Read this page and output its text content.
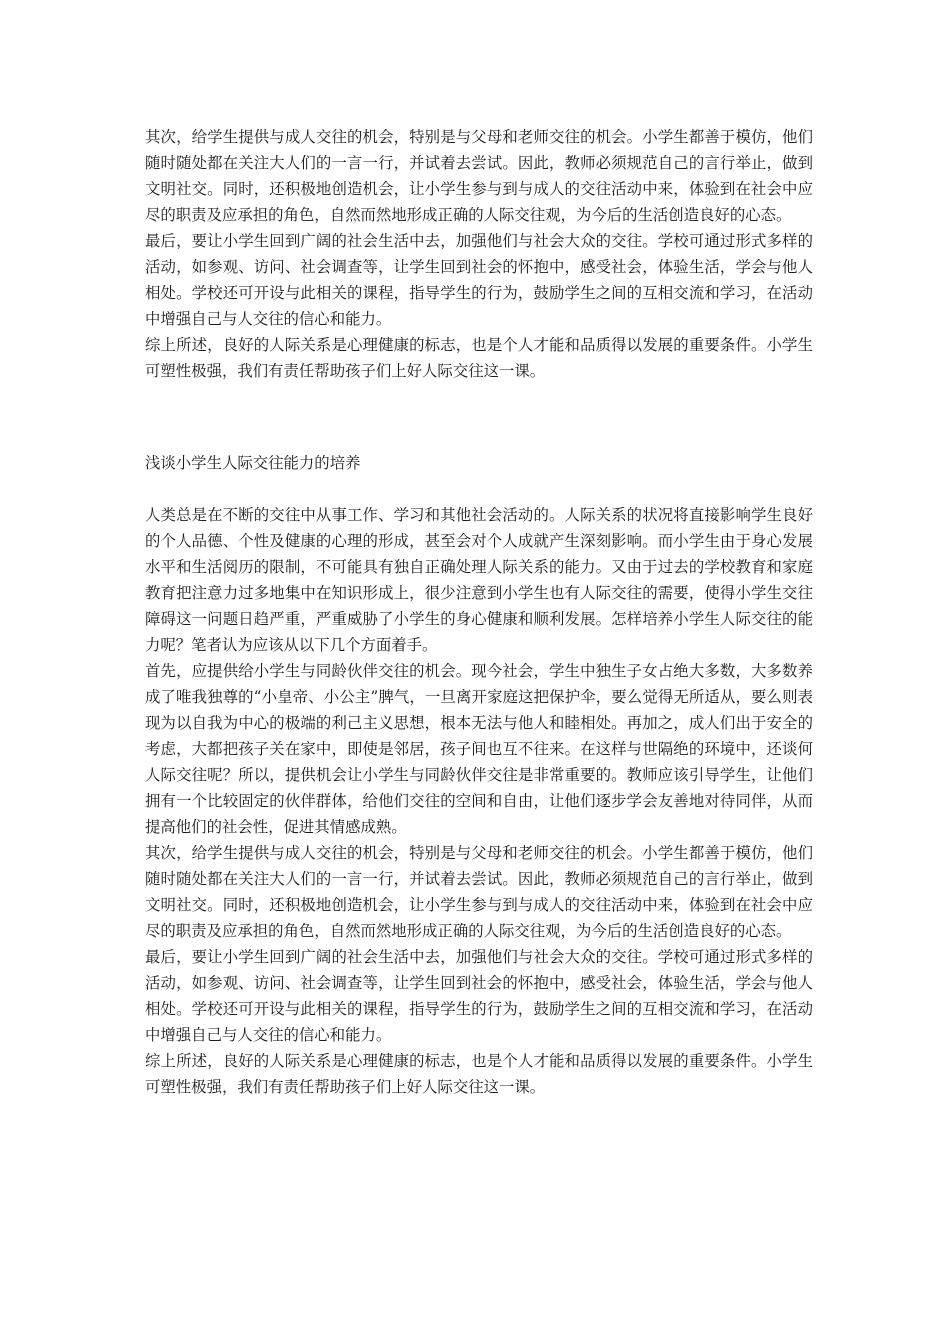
其次，给学生提供与成人交往的机会，特别是与父母和老师交往的机会。小学生都善于模仿，他们随时随处都在关注大人们的一言一行，并试着去尝试。因此，教师必须规范自己的言行举止，做到文明社交。同时，还积极地创造机会，让小学生参与到与成人的交往活动中来，体验到在社会中应尽的职责及应承担的角色，自然而然地形成正确的人际交往观，为今后的生活创造良好的心态。

最后，要让小学生回到广阔的社会生活中去，加强他们与社会大众的交往。学校可通过形式多样的活动，如参观、访问、社会调查等，让学生回到社会的怀抱中，感受社会，体验生活，学会与他人相处。学校还可开设与此相关的课程，指导学生的行为，鼓励学生之间的互相交流和学习，在活动中增强自己与人交往的信心和能力。

综上所述，良好的人际关系是心理健康的标志，也是个人才能和品质得以发展的重要条件。小学生可塑性极强，我们有责任帮助孩子们上好人际交往这一课。

浅谈小学生人际交往能力的培养

人类总是在不断的交往中从事工作、学习和其他社会活动的。人际关系的状况将直接影响学生良好的个人品德、个性及健康的心理的形成，甚至会对个人成就产生深刻影响。而小学生由于身心发展水平和生活阅历的限制，不可能具有独自正确处理人际关系的能力。又由于过去的学校教育和家庭教育把注意力过多地集中在知识形成上，很少注意到小学生也有人际交往的需要，使得小学生交往障碍这一问题日趋严重，严重威胁了小学生的身心健康和顺利发展。怎样培养小学生人际交往的能力呢？笔者认为应该从以下几个方面着手。

首先，应提供给小学生与同龄伙伴交往的机会。现今社会，学生中独生子女占绝大多数，大多数养成了唯我独尊的“小皇帝、小公主”脾气，一旦离开家庭这把保护伞，要么觉得无所适从，要么则表现为以自我为中心的极端的利己主义思想，根本无法与他人和睦相处。再加之，成人们出于安全的考虑，大都把孩子关在家中，即使是邻居，孩子间也互不往来。在这样与世隔绝的环境中，还谈何人际交往呢？所以，提供机会让小学生与同龄伙伴交往是非常重要的。教师应该引导学生，让他们拥有一个比较固定的伙伴群体，给他们交往的空间和自由，让他们逐步学会友善地对待同伴，从而提高他们的社会性，促进其情感成熟。

其次，给学生提供与成人交往的机会，特别是与父母和老师交往的机会。小学生都善于模仿，他们随时随处都在关注大人们的一言一行，并试着去尝试。因此，教师必须规范自己的言行举止，做到文明社交。同时，还积极地创造机会，让小学生参与到与成人的交往活动中来，体验到在社会中应尽的职责及应承担的角色，自然而然地形成正确的人际交往观，为今后的生活创造良好的心态。

最后，要让小学生回到广阔的社会生活中去，加强他们与社会大众的交往。学校可通过形式多样的活动，如参观、访问、社会调查等，让学生回到社会的怀抱中，感受社会，体验生活，学会与他人相处。学校还可开设与此相关的课程，指导学生的行为，鼓励学生之间的互相交流和学习，在活动中增强自己与人交往的信心和能力。

综上所述，良好的人际关系是心理健康的标志，也是个人才能和品质得以发展的重要条件。小学生可塑性极强，我们有责任帮助孩子们上好人际交往这一课。
